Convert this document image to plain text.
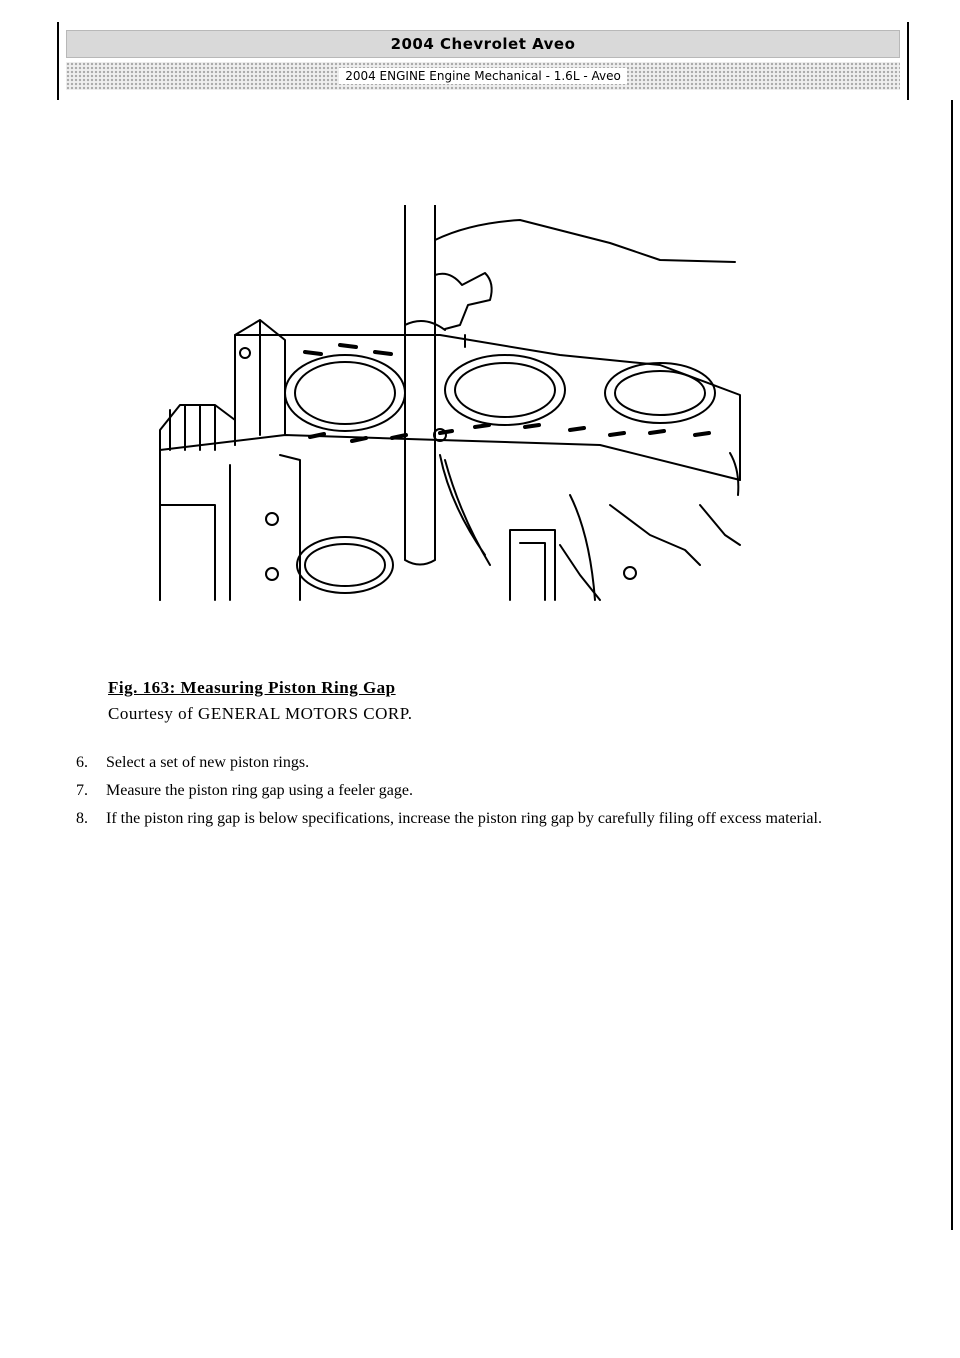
2004 Chevrolet Aveo
2004 ENGINE Engine Mechanical - 1.6L - Aveo
Fig. 163: Measuring Piston Ring Gap
Courtesy of GENERAL MOTORS CORP.
6.	Select a set of new piston rings.
7.	Measure the piston ring gap using a feeler gage.
8.	If the piston ring gap is below specifications, increase the piston ring gap by carefully filing off excess material.
